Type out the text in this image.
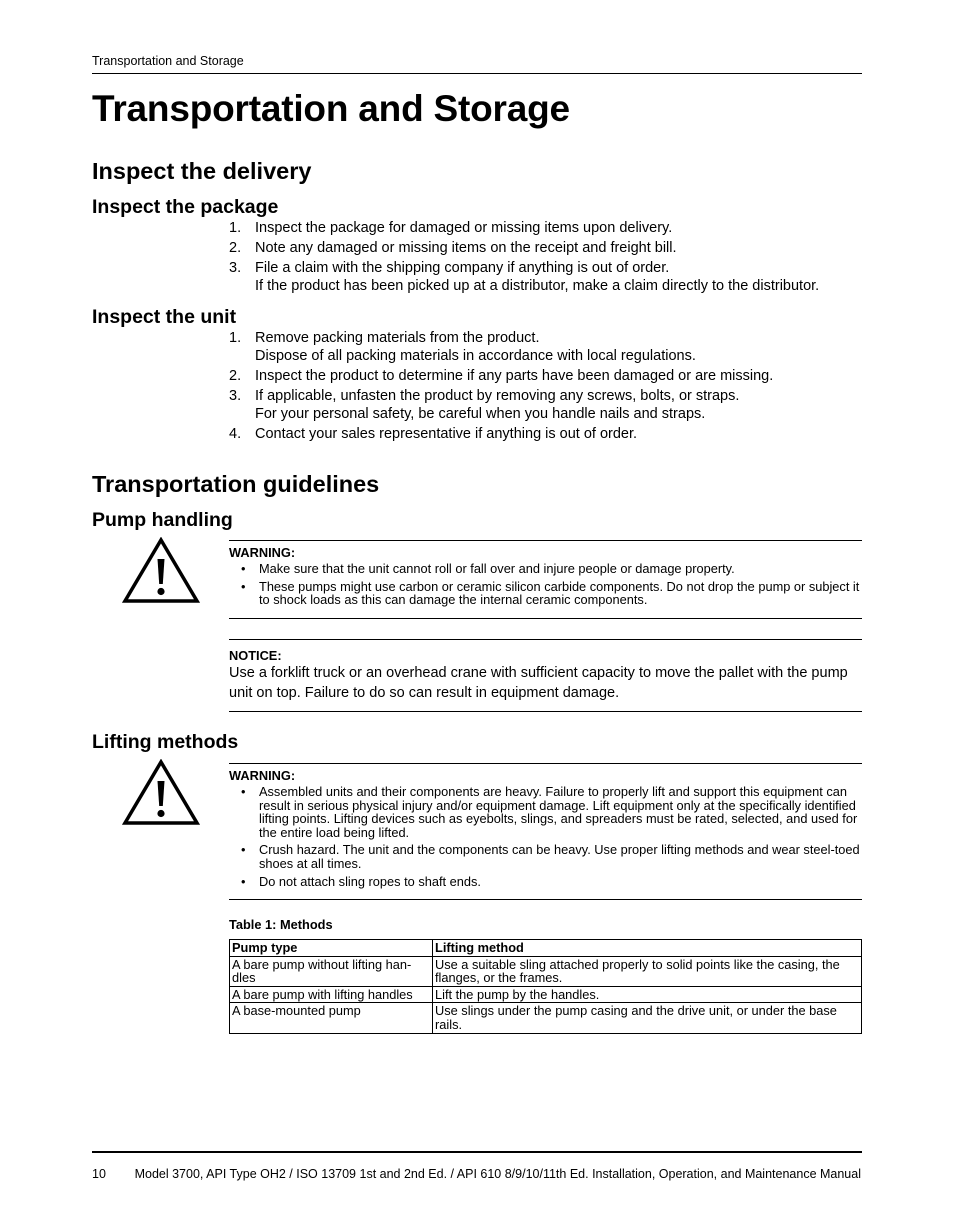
Transportation and Storage
Transportation and Storage
Inspect the delivery
Inspect the package
1. Inspect the package for damaged or missing items upon delivery.
2. Note any damaged or missing items on the receipt and freight bill.
3. File a claim with the shipping company if anything is out of order.
If the product has been picked up at a distributor, make a claim directly to the distributor.
Inspect the unit
1. Remove packing materials from the product.
Dispose of all packing materials in accordance with local regulations.
2. Inspect the product to determine if any parts have been damaged or are missing.
3. If applicable, unfasten the product by removing any screws, bolts, or straps.
For your personal safety, be careful when you handle nails and straps.
4. Contact your sales representative if anything is out of order.
Transportation guidelines
Pump handling
WARNING:
• Make sure that the unit cannot roll or fall over and injure people or damage property.
• These pumps might use carbon or ceramic silicon carbide components. Do not drop the pump or subject it to shock loads as this can damage the internal ceramic components.
NOTICE:
Use a forklift truck or an overhead crane with sufficient capacity to move the pallet with the pump unit on top. Failure to do so can result in equipment damage.
Lifting methods
WARNING:
• Assembled units and their components are heavy. Failure to properly lift and support this equipment can result in serious physical injury and/or equipment damage. Lift equipment only at the specifically identified lifting points. Lifting devices such as eyebolts, slings, and spreaders must be rated, selected, and used for the entire load being lifted.
• Crush hazard. The unit and the components can be heavy. Use proper lifting methods and wear steel-toed shoes at all times.
• Do not attach sling ropes to shaft ends.
Table 1: Methods
Pump type	Lifting method
A bare pump without lifting han-dles	Use a suitable sling attached properly to solid points like the casing, the flanges, or the frames.
A bare pump with lifting handles	Lift the pump by the handles.
A base-mounted pump	Use slings under the pump casing and the drive unit, or under the base rails.
10	Model 3700, API Type OH2 / ISO 13709 1st and 2nd Ed. / API 610 8/9/10/11th Ed. Installation, Operation, and Maintenance Manual
